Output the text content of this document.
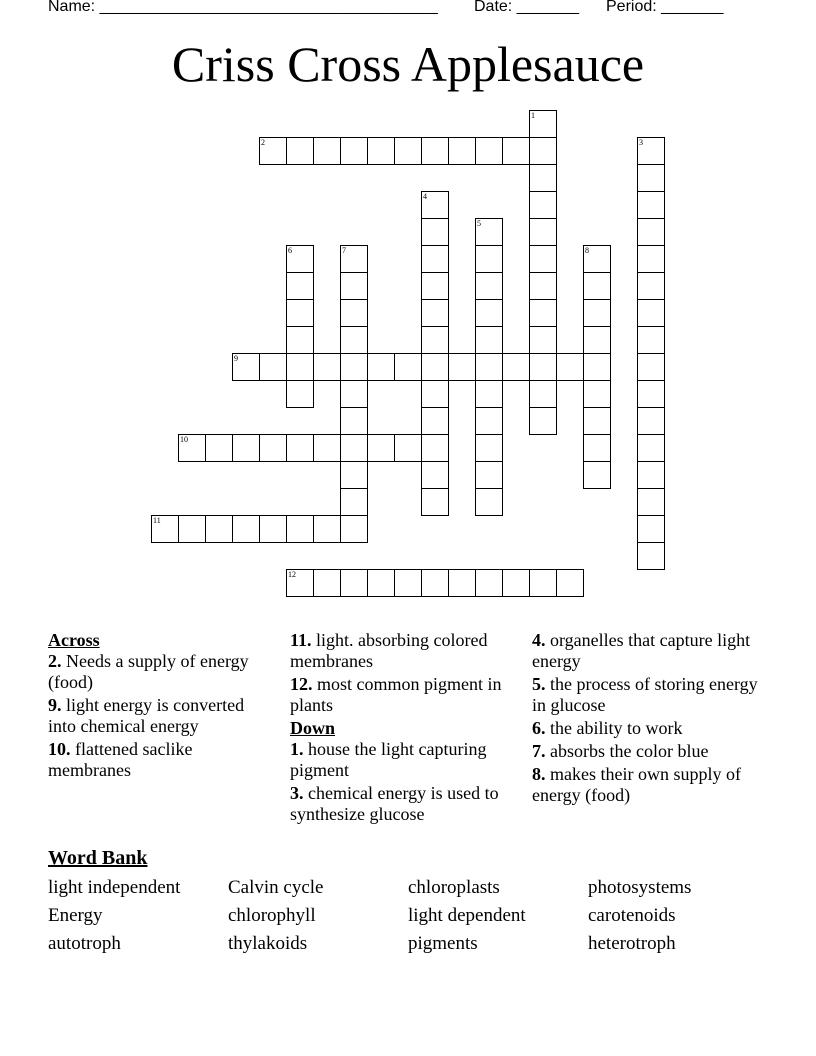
Name: ______________________________________ Date: _______ Period: _______
Criss Cross Applesauce
1
2	3
4
5
6	7	8
9
10
11
12
Across
2. Needs a supply of energy (food)
9. light energy is converted into chemical energy
10. flattened saclike membranes
11. light. absorbing colored membranes
12. most common pigment in plants
Down
1. house the light capturing pigment
3. chemical energy is used to synthesize glucose
4. organelles that capture light energy
5. the process of storing energy in glucose
6. the ability to work
7. absorbs the color blue
8. makes their own supply of energy (food)
Word Bank
light independent	Calvin cycle	chloroplasts	photosystems
Energy	chlorophyll	light dependent	carotenoids
autotroph	thylakoids	pigments	heterotroph
